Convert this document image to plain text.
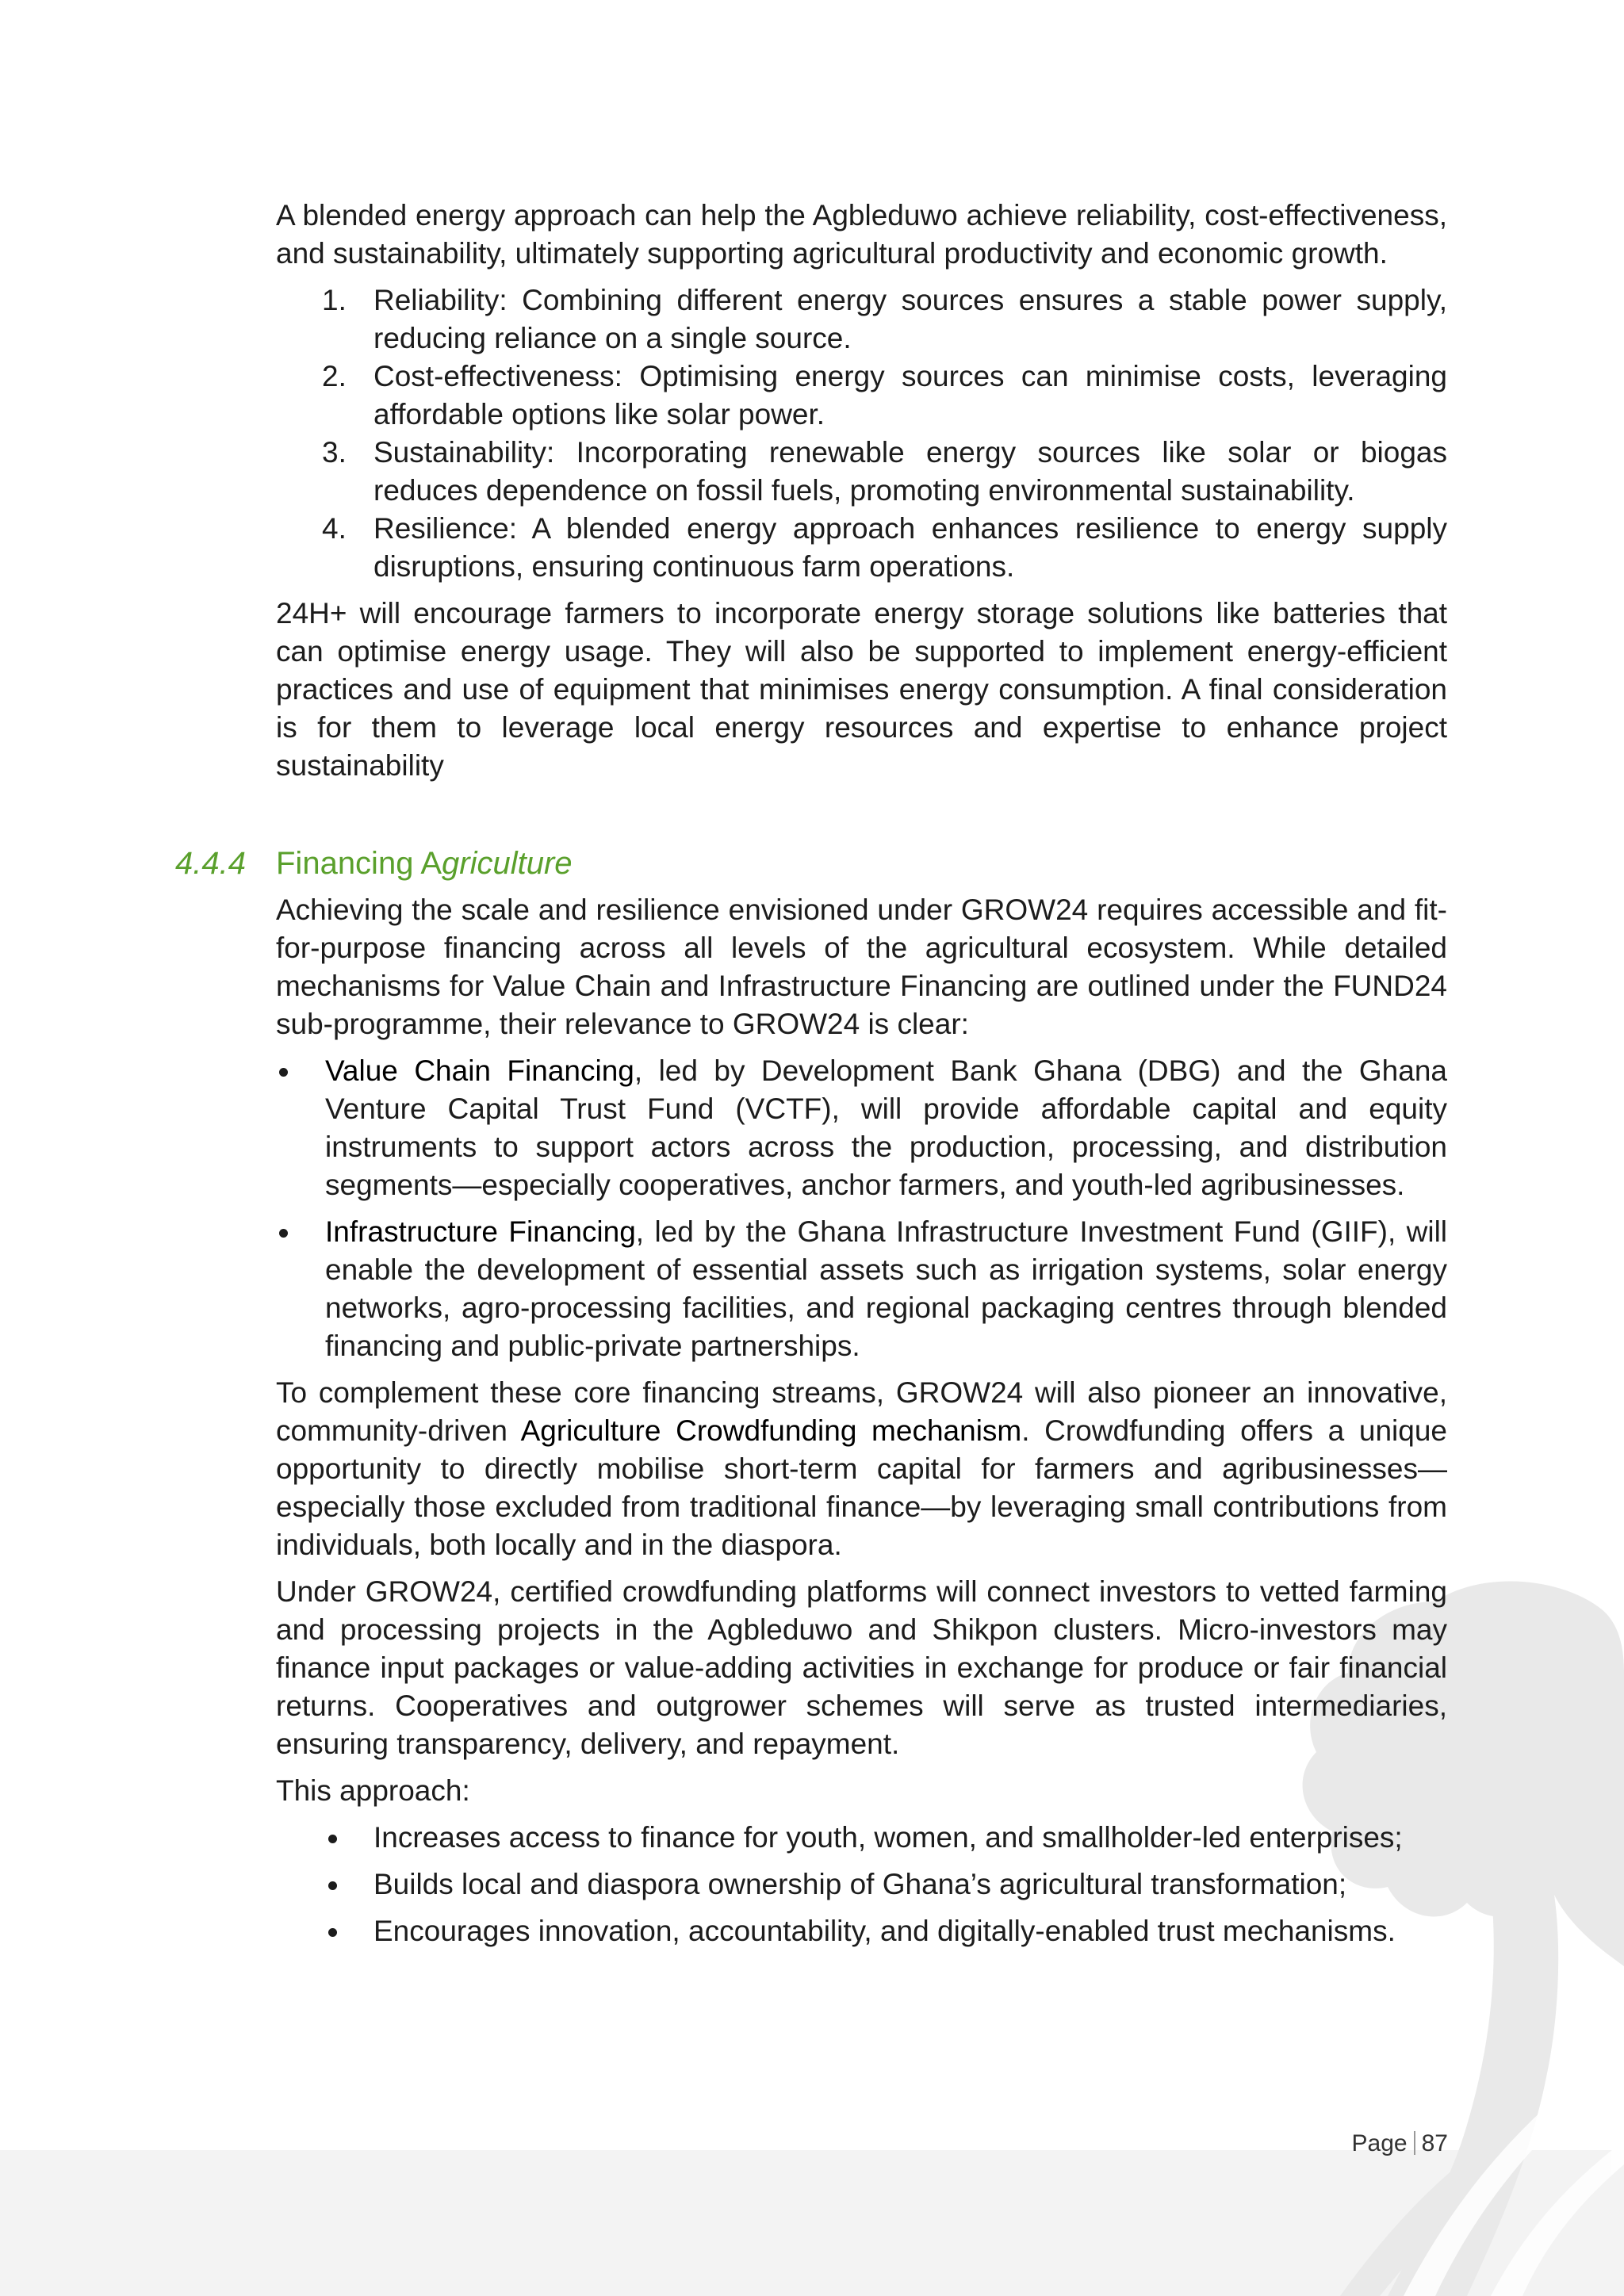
A blended energy approach can help the Agbleduwo achieve reliability, cost-effectiveness, and sustainability, ultimately supporting agricultural productivity and economic growth.

1. Reliability: Combining different energy sources ensures a stable power supply, reducing reliance on a single source.
2. Cost-effectiveness: Optimising energy sources can minimise costs, leveraging affordable options like solar power.
3. Sustainability: Incorporating renewable energy sources like solar or biogas reduces dependence on fossil fuels, promoting environmental sustainability.
4. Resilience: A blended energy approach enhances resilience to energy supply disruptions, ensuring continuous farm operations.

24H+ will encourage farmers to incorporate energy storage solutions like batteries that can optimise energy usage. They will also be supported to implement energy-efficient practices and use of equipment that minimises energy consumption. A final consideration is for them to leverage local energy resources and expertise to enhance project sustainability

4.4.4 Financing Agriculture

Achieving the scale and resilience envisioned under GROW24 requires accessible and fit-for-purpose financing across all levels of the agricultural ecosystem. While detailed mechanisms for Value Chain and Infrastructure Financing are outlined under the FUND24 sub-programme, their relevance to GROW24 is clear:

Value Chain Financing, led by Development Bank Ghana (DBG) and the Ghana Venture Capital Trust Fund (VCTF), will provide affordable capital and equity instruments to support actors across the production, processing, and distribution segments—especially cooperatives, anchor farmers, and youth-led agribusinesses.
Infrastructure Financing, led by the Ghana Infrastructure Investment Fund (GIIF), will enable the development of essential assets such as irrigation systems, solar energy networks, agro-processing facilities, and regional packaging centres through blended financing and public-private partnerships.

To complement these core financing streams, GROW24 will also pioneer an innovative, community-driven Agriculture Crowdfunding mechanism. Crowdfunding offers a unique opportunity to directly mobilise short-term capital for farmers and agribusinesses—especially those excluded from traditional finance—by leveraging small contributions from individuals, both locally and in the diaspora.

Under GROW24, certified crowdfunding platforms will connect investors to vetted farming and processing projects in the Agbleduwo and Shikpon clusters. Micro-investors may finance input packages or value-adding activities in exchange for produce or fair financial returns. Cooperatives and outgrower schemes will serve as trusted intermediaries, ensuring transparency, delivery, and repayment.

This approach:

Increases access to finance for youth, women, and smallholder-led enterprises;
Builds local and diaspora ownership of Ghana’s agricultural transformation;
Encourages innovation, accountability, and digitally-enabled trust mechanisms.
Page 87
